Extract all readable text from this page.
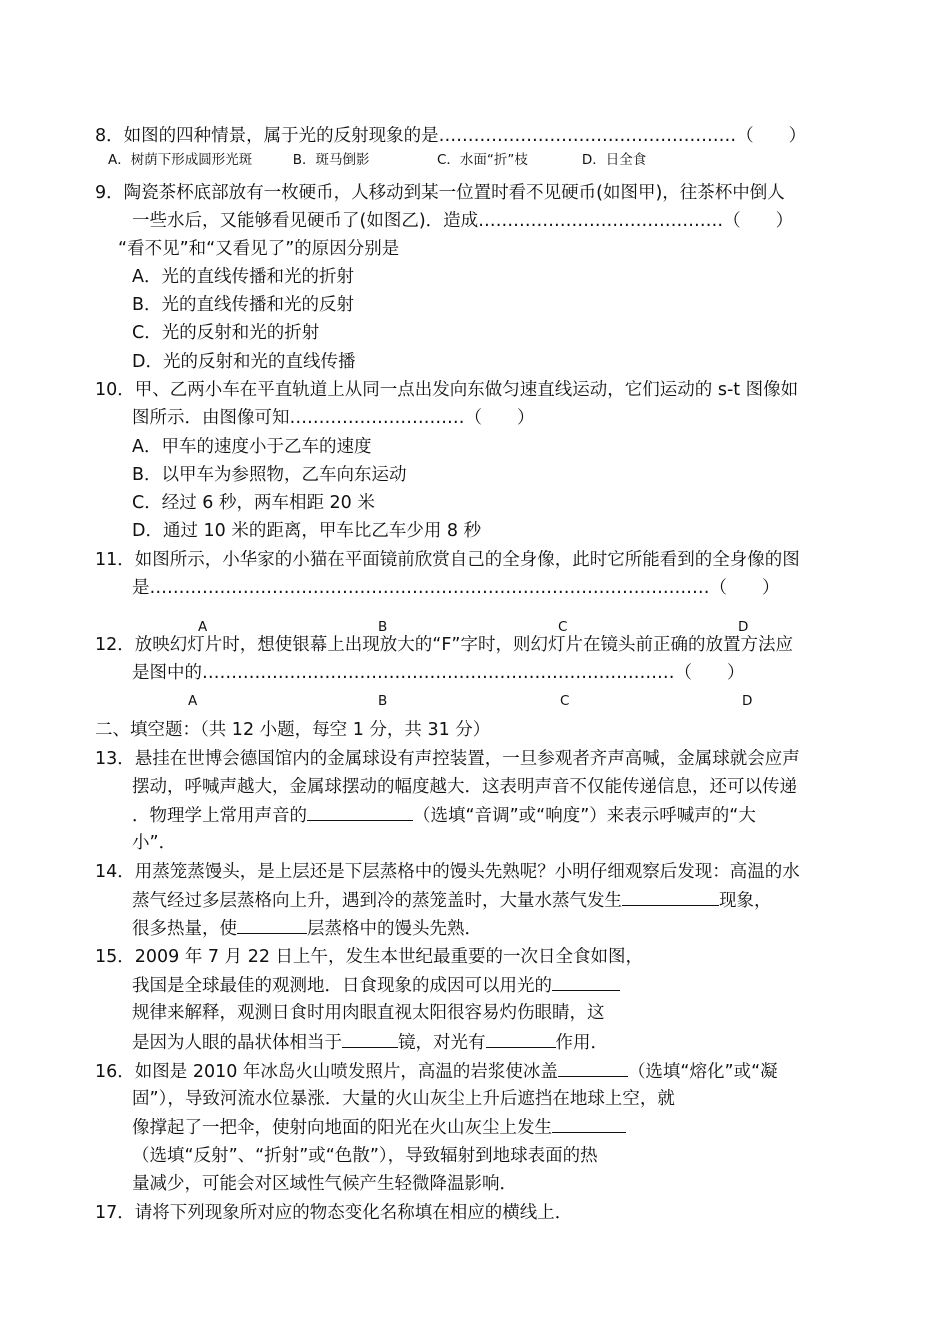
8．如图的四种情景，属于光的反射现象的是……………………………………………（　　）
A．树荫下形成圆形光斑　　　B．斑马倒影　　　　　C．水面“折”枝　　　　D．日全食
9．陶瓷茶杯底部放有一枚硬币，人移动到某一位置时看不见硬币(如图甲)，往茶杯中倒人
一些水后，又能够看见硬币了(如图乙)．造成……………………………………（　　）
“看不见”和“又看见了”的原因分别是
A．光的直线传播和光的折射
B．光的直线传播和光的反射
C．光的反射和光的折射
D．光的反射和光的直线传播
10．甲、乙两小车在平直轨道上从同一点出发向东做匀速直线运动，它们运动的 s-t 图像如
图所示．由图像可知…………………………（　　）
A．甲车的速度小于乙车的速度
B．以甲车为参照物，乙车向东运动
C．经过 6 秒，两车相距 20 米
D．通过 10 米的距离，甲车比乙车少用 8 秒
11．如图所示，小华家的小猫在平面镜前欣赏自己的全身像，此时它所能看到的全身像的图
是……………………………………………………………………………………（　　）
A	B	C	D
12．放映幻灯片时，想使银幕上出现放大的“F”字时，则幻灯片在镜头前正确的放置方法应
是图中的………………………………………………………………………（　　）
A	B	C	D
二、填空题：（共 12 小题，每空 1 分，共 31 分）
13．悬挂在世博会德国馆内的金属球设有声控装置，一旦参观者齐声高喊，金属球就会应声
摆动，呼喊声越大，金属球摆动的幅度越大．这表明声音不仅能传递信息，还可以传递
．物理学上常用声音的	（选填“音调”或“响度”）来表示呼喊声的“大
小”．
14．用蒸笼蒸馒头，是上层还是下层蒸格中的馒头先熟呢？小明仔细观察后发现：高温的水
蒸气经过多层蒸格向上升，遇到冷的蒸笼盖时，大量水蒸气发生	现象，
很多热量，使	层蒸格中的馒头先熟．
15．2009 年 7 月 22 日上午，发生本世纪最重要的一次日全食如图，
我国是全球最佳的观测地．日食现象的成因可以用光的
规律来解释，观测日食时用肉眼直视太阳很容易灼伤眼睛，这
是因为人眼的晶状体相当于	镜，对光有	作用．
16．如图是 2010 年冰岛火山喷发照片，高温的岩浆使冰盖	（选填“熔化”或“凝
固”），导致河流水位暴涨．大量的火山灰尘上升后遮挡在地球上空，就
像撑起了一把伞，使射向地面的阳光在火山灰尘上发生
（选填“反射”、“折射”或“色散”），导致辐射到地球表面的热
量减少，可能会对区域性气候产生轻微降温影响．
17．请将下列现象所对应的物态变化名称填在相应的横线上．
